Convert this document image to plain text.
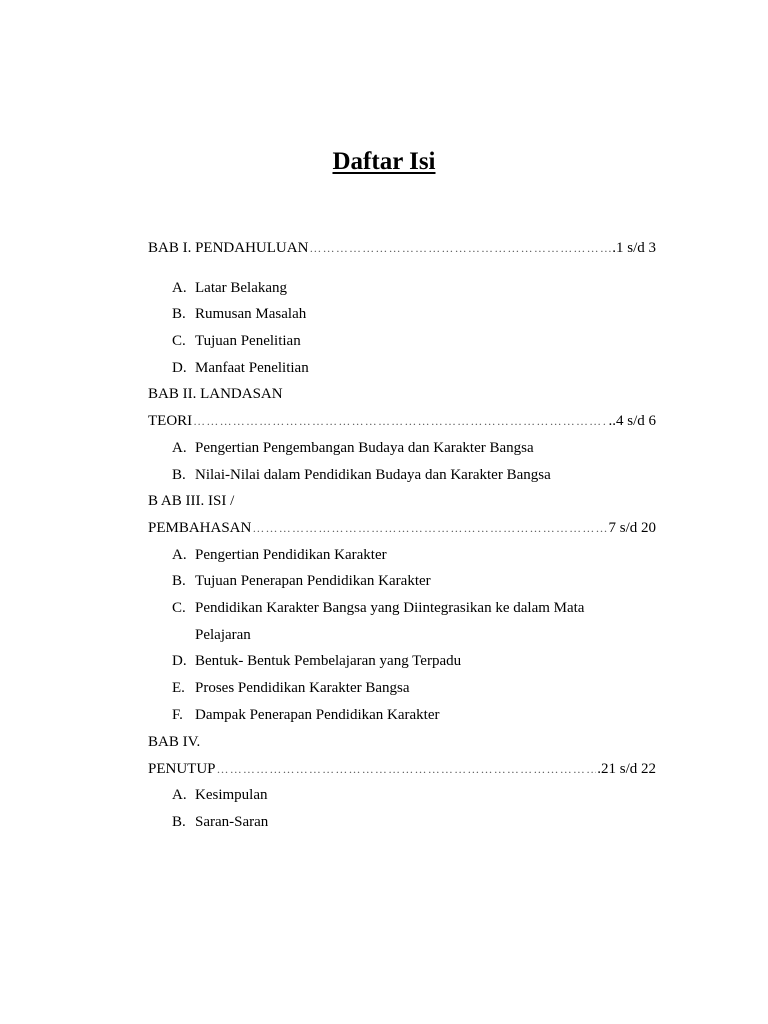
Daftar Isi
BAB I. PENDAHULUAN ……………………………………………………………………………………………………………………………………………………	.1 s/d 3
A. Latar Belakang
B. Rumusan Masalah
C. Tujuan Penelitian
D. Manfaat Penelitian
BAB II. LANDASAN
TEORI ……………………………………………………………………………………………………………………………………………………	..4 s/d 6
A. Pengertian Pengembangan Budaya dan Karakter Bangsa
B. Nilai-Nilai dalam Pendidikan Budaya dan Karakter Bangsa
B AB III. ISI /
PEMBAHASAN ……………………………………………………………………………………………………………………………………………………	7 s/d 20
A. Pengertian Pendidikan Karakter
B. Tujuan Penerapan Pendidikan Karakter
C. Pendidikan Karakter Bangsa yang Diintegrasikan ke dalam Mata
Pelajaran
D. Bentuk- Bentuk Pembelajaran yang Terpadu
E. Proses Pendidikan Karakter Bangsa
F. Dampak Penerapan Pendidikan Karakter
BAB IV.
PENUTUP ……………………………………………………………………………………………………………………………………………………	.21 s/d 22
A. Kesimpulan
B. Saran-Saran
